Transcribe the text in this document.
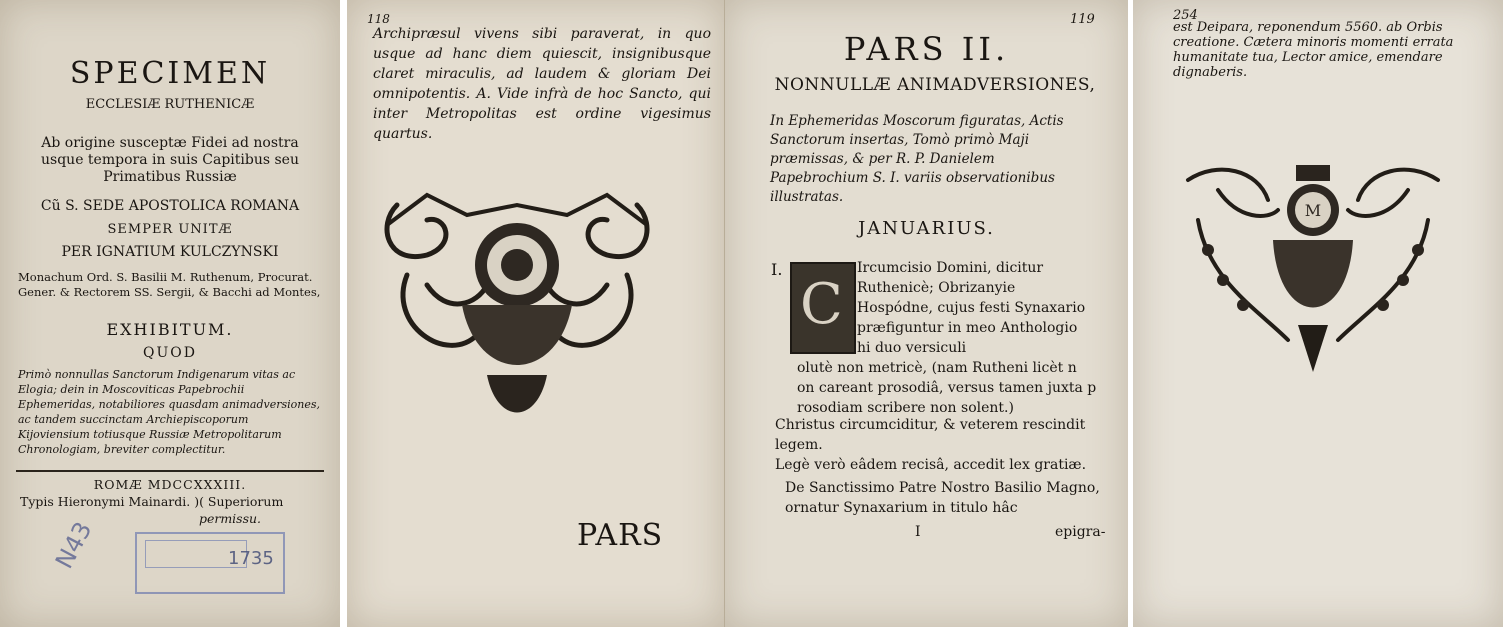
SPECIMEN
ECCLESIÆ RUTHENICÆ
Ab origine susceptæ Fidei ad nostra usque tempora in suis Capitibus seu Primatibus Russiæ
Cũ S. SEDE APOSTOLICA ROMANA
SEMPER UNITÆ
PER IGNATIUM KULCZYNSKI
Monachum Ord. S. Basilii M. Ruthenum, Procurat. Gener. & Rectorem SS. Sergii, & Bacchi ad Montes,
EXHIBITUM.
QUOD
Primò nonnullas Sanctorum Indigenarum vitas ac Elogia; dein in Moscoviticas Papebrochii Ephemeridas, notabiliores quasdam animadversiones, ac tandem succinctam Archiepiscoporum Kijoviensium totiusque Russiæ Metropolitarum Chronologiam, breviter complectitur.
ROMÆ MDCCXXXIII.
Typis Hieronymi Mainardi. )( Superiorum
permissu.
1735
N43
118
Archipræsul vivens sibi paraverat, in quo usque ad hanc diem quiescit, insignibusque claret miraculis, ad laudem & gloriam Dei omnipotentis. A. Vide infrà de hoc Sancto, qui inter Metropolitas est ordine vigesimus quartus.
PARS
119
PARS II.
NONNULLÆ ANIMADVERSIONES,
In Ephemeridas Moscorum figuratas, Actis Sanctorum insertas, Tomò primò Maji præmissas, & per R. P. Danielem Papebrochium S. I. variis observationibus illustratas.
JANUARIUS.
I.
C
Ircumcisio Domini, dicitur Ruthenicè; Obrizanyie Hospódne, cujus festi Synaxario præfiguntur in meo Anthologio hi duo versiculi
olutè non metricè, (nam Rutheni licèt n on careant prosodiâ, versus tamen juxta p rosodiam scribere non solent.)
Christus circumciditur, & veterem rescindit legem.
Legè verò eâdem recisâ, accedit lex gratiæ.
De Sanctissimo Patre Nostro Basilio Magno, ornatur Synaxarium in titulo hâc
I	epigra-
254
est Deipara, reponendum 5560. ab Orbis creatione. Cætera minoris momenti errata humanitate tua, Lector amice, emendare dignaberis.
M
